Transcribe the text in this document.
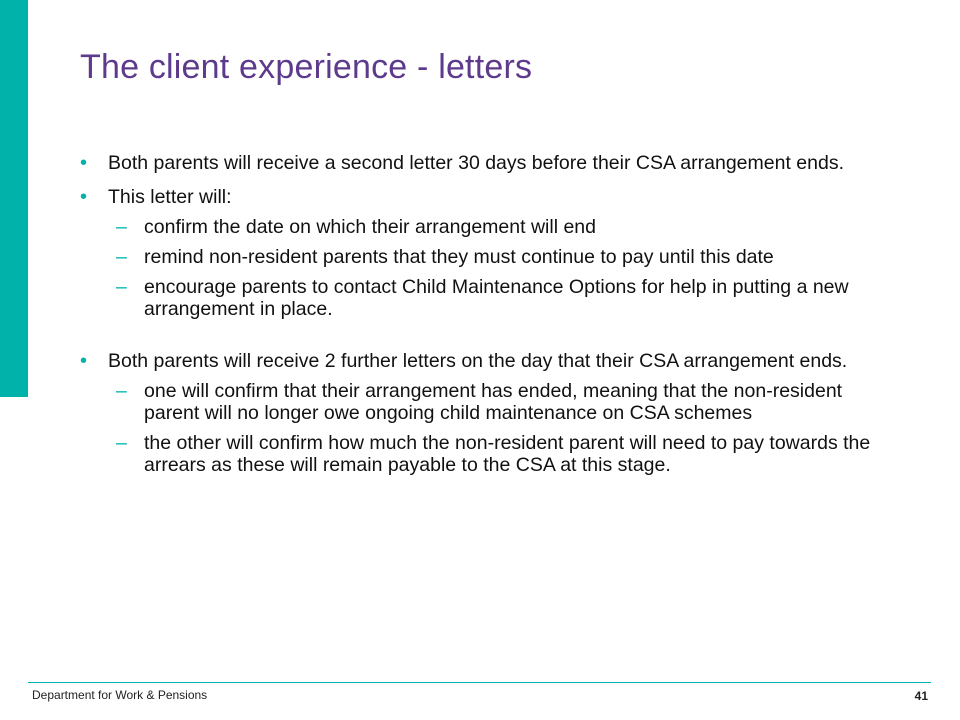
The client experience - letters
• Both parents will receive a second letter 30 days before their CSA arrangement ends.
• This letter will:
– confirm the date on which their arrangement will end
– remind non-resident parents that they must continue to pay until this date
– encourage parents to contact Child Maintenance Options for help in putting a new arrangement in place.
• Both parents will receive 2 further letters on the day that their CSA arrangement ends.
– one will confirm that their arrangement has ended, meaning that the non-resident parent will no longer owe ongoing child maintenance on CSA schemes
– the other will confirm how much the non-resident parent will need to pay towards the arrears as these will remain payable to the CSA at this stage.
Department for Work & Pensions	41
